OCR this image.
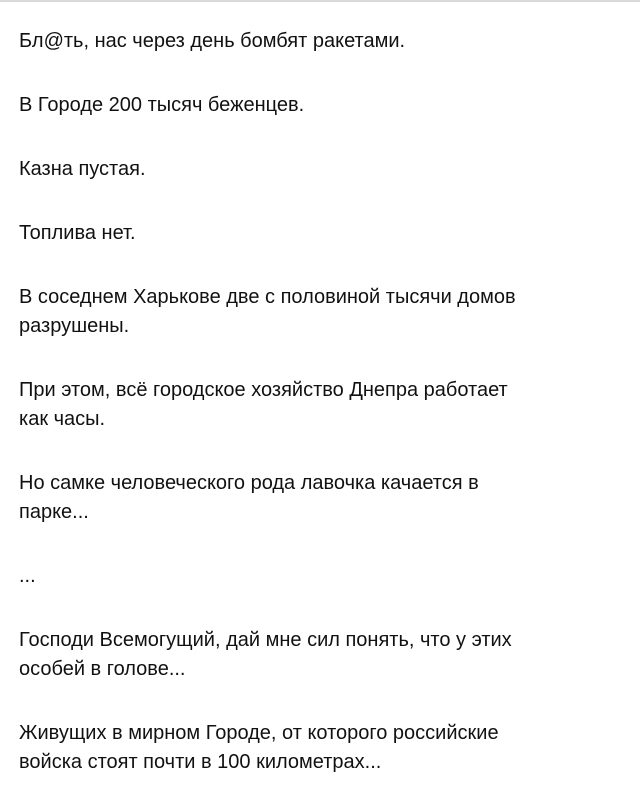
Бл@ть, нас через день бомбят ракетами.

В Городе 200 тысяч беженцев.

Казна пустая.

Топлива нет.

В соседнем Харькове две с половиной тысячи домов
разрушены.

При этом, всё городское хозяйство Днепра работает
как часы.

Но самке человеческого рода лавочка качается в
парке...

...

Господи Всемогущий, дай мне сил понять, что у этих
особей в голове...

Живущих в мирном Городе, от которого российские
войска стоят почти в 100 километрах...
